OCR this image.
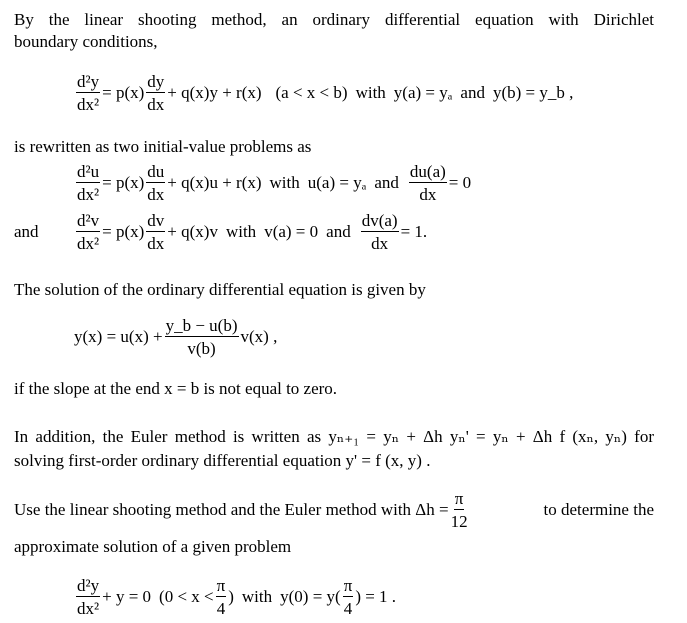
By the linear shooting method, an ordinary differential equation with Dirichlet
boundary conditions,
$\frac{\text{d²y}}{\text{dx²}} = p(x) \frac{dy}{dx} + q(x)y + r(x) (a < x < b)$ with y(a) = yₐ and y(b) = y_b ,
is rewritten as two initial-value problems as
$\frac{\text{d²u}}{\text{dx²}} = p(x) \frac{du}{dx} + q(x)u + r(x)$ with u(a) = yₐ and $\frac{du(a)}{dx} = 0$
and $\frac{\text{d²v}}{\text{dx²}} = p(x) \frac{dv}{dx} + q(x)v$ with v(a) = 0 and $\frac{dv(a)}{dx} = 1$.
The solution of the ordinary differential equation is given by
$y(x) = u(x) + \frac{y\_b - u(b)}{v(b)} v(x)$ ,
if the slope at the end x = b is not equal to zero.
In addition, the Euler method is written as yₙ₊₁ = yₙ + Δh yₙ' = yₙ + Δh f (xₙ, yₙ) for
solving first-order ordinary differential equation y' = f (x, y) .
Use the linear shooting method and the Euler method with $\Delta h = \frac{\pi}{12}$	to determine the
approximate solution of a given problem
$\frac{\text{d²y}}{\text{dx²}} + y = 0$ ($0 < x < \frac{\pi}{4}$ ) with $y(0) = y( \frac{\pi}{4}$ ) = 1 .
